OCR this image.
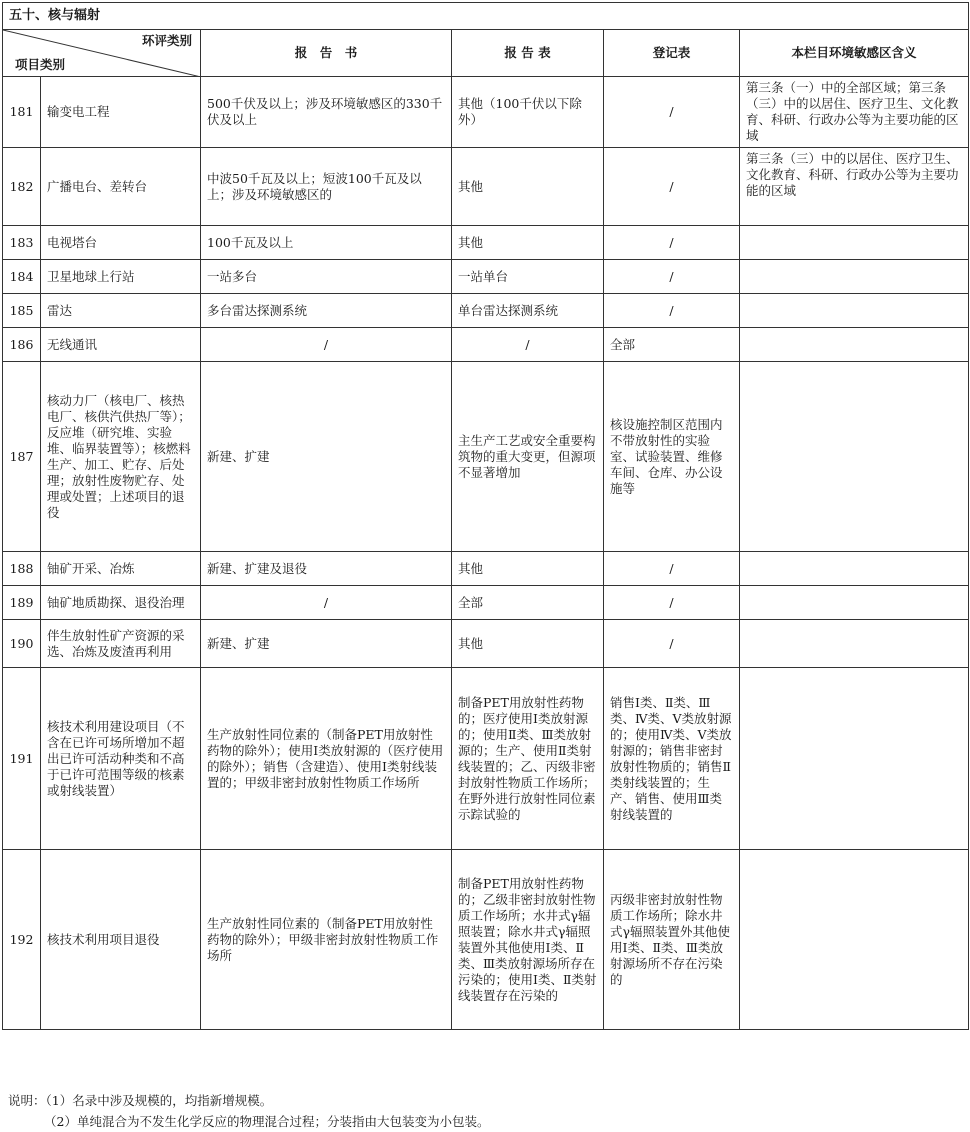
五十、核与辐射					

环评类别
项目类别		报　告　书	报 告 表	登记表	本栏目环境敏感区含义
181	输变电工程	500千伏及以上；涉及环境敏感区的330千伏及以上	其他（100千伏以下除外）	/	第三条（一）中的全部区域；第三条（三）中的以居住、医疗卫生、文化教育、科研、行政办公等为主要功能的区域
182	广播电台、差转台	中波50千瓦及以上；短波100千瓦及以上；涉及环境敏感区的	其他	/	第三条（三）中的以居住、医疗卫生、文化教育、科研、行政办公等为主要功能的区域
183	电视塔台	100千瓦及以上	其他	/	
184	卫星地球上行站	一站多台	一站单台	/	
185	雷达	多台雷达探测系统	单台雷达探测系统	/	
186	无线通讯	/	/	全部	
187	核动力厂（核电厂、核热电厂、核供汽供热厂等）；反应堆（研究堆、实验堆、临界装置等）；核燃料生产、加工、贮存、后处理；放射性废物贮存、处理或处置；上述项目的退役	新建、扩建	主生产工艺或安全重要构筑物的重大变更，但源项不显著增加	核设施控制区范围内不带放射性的实验室、试验装置、维修车间、仓库、办公设施等	
188	铀矿开采、冶炼	新建、扩建及退役	其他	/	
189	铀矿地质勘探、退役治理	/	全部	/	
190	伴生放射性矿产资源的采选、冶炼及废渣再利用	新建、扩建	其他	/	
191	核技术利用建设项目（不含在已许可场所增加不超出已许可活动种类和不高于已许可范围等级的核素或射线装置）	生产放射性同位素的（制备PET用放射性药物的除外）；使用I类放射源的（医疗使用的除外）；销售（含建造）、使用I类射线装置的；甲级非密封放射性物质工作场所	制备PET用放射性药物的；医疗使用Ⅰ类放射源的；使用Ⅱ类、Ⅲ类放射源的；生产、使用Ⅱ类射线装置的；乙、丙级非密封放射性物质工作场所；在野外进行放射性同位素示踪试验的	销售Ⅰ类、Ⅱ类、Ⅲ类、Ⅳ类、Ⅴ类放射源的；使用Ⅳ类、Ⅴ类放射源的；销售非密封放射性物质的；销售Ⅱ类射线装置的；生产、销售、使用Ⅲ类射线装置的	
192	核技术利用项目退役	生产放射性同位素的（制备PET用放射性药物的除外）；甲级非密封放射性物质工作场所	制备PET用放射性药物的；乙级非密封放射性物质工作场所；水井式γ辐照装置；除水井式γ辐照装置外其他使用Ⅰ类、Ⅱ类、Ⅲ类放射源场所存在污染的；使用Ⅰ类、Ⅱ类射线装置存在污染的	丙级非密封放射性物质工作场所；除水井式γ辐照装置外其他使用Ⅰ类、Ⅱ类、Ⅲ类放射源场所不存在污染的	
说明：（1）名录中涉及规模的，均指新增规模。
（2）单纯混合为不发生化学反应的物理混合过程；分装指由大包装变为小包装。
